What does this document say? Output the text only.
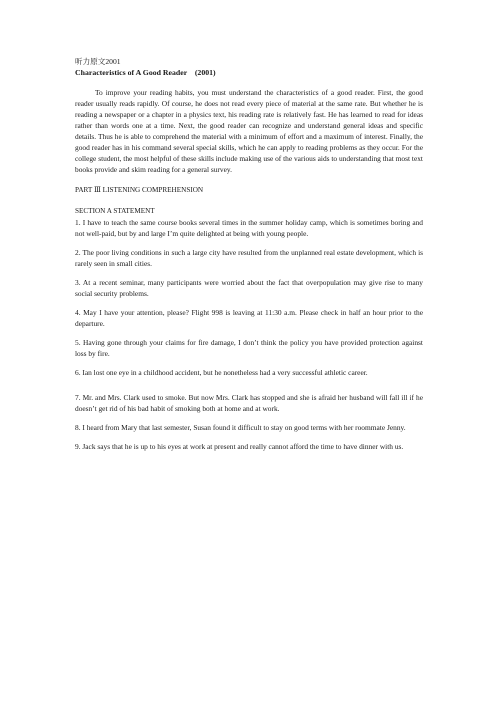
听力原文2001

Characteristics of A Good Reader　(2001)

To improve your reading habits, you must understand the characteristics of a good reader. First, the good reader usually reads rapidly. Of course, he does not read every piece of material at the same rate. But whether he is reading a newspaper or a chapter in a physics text, his reading rate is relatively fast. He has learned to read for ideas rather than words one at a time. Next, the good reader can recognize and understand general ideas and specific details. Thus he is able to comprehend the material with a minimum of effort and a maximum of interest. Finally, the good reader has in his command several special skills, which he can apply to reading problems as they occur. For the college student, the most helpful of these skills include making use of the various aids to understanding that most text books provide and skim reading for a general survey.

PART Ⅲ LISTENING COMPREHENSION

SECTION A STATEMENT

1. I have to teach the same course books several times in the summer holiday camp, which is sometimes boring and not well-paid, but by and large I’m quite delighted at being with young people.
2. The poor living conditions in such a large city have resulted from the unplanned real estate development, which is rarely seen in small cities.
3. At a recent seminar, many participants were worried about the fact that overpopulation may give rise to many social security problems.
4. May I have your attention, please? Flight 998 is leaving at 11:30 a.m. Please check in half an hour prior to the departure.
5. Having gone through your claims for fire damage, I don’t think the policy you have provided protection against loss by fire.
6. Ian lost one eye in a childhood accident, but he nonetheless had a very successful athletic career.
7. Mr. and Mrs. Clark used to smoke. But now Mrs. Clark has stopped and she is afraid her husband will fall ill if he doesn’t get rid of his bad habit of smoking both at home and at work.
8. I heard from Mary that last semester, Susan found it difficult to stay on good terms with her roommate Jenny.
9. Jack says that he is up to his eyes at work at present and really cannot afford the time to have dinner with us.
